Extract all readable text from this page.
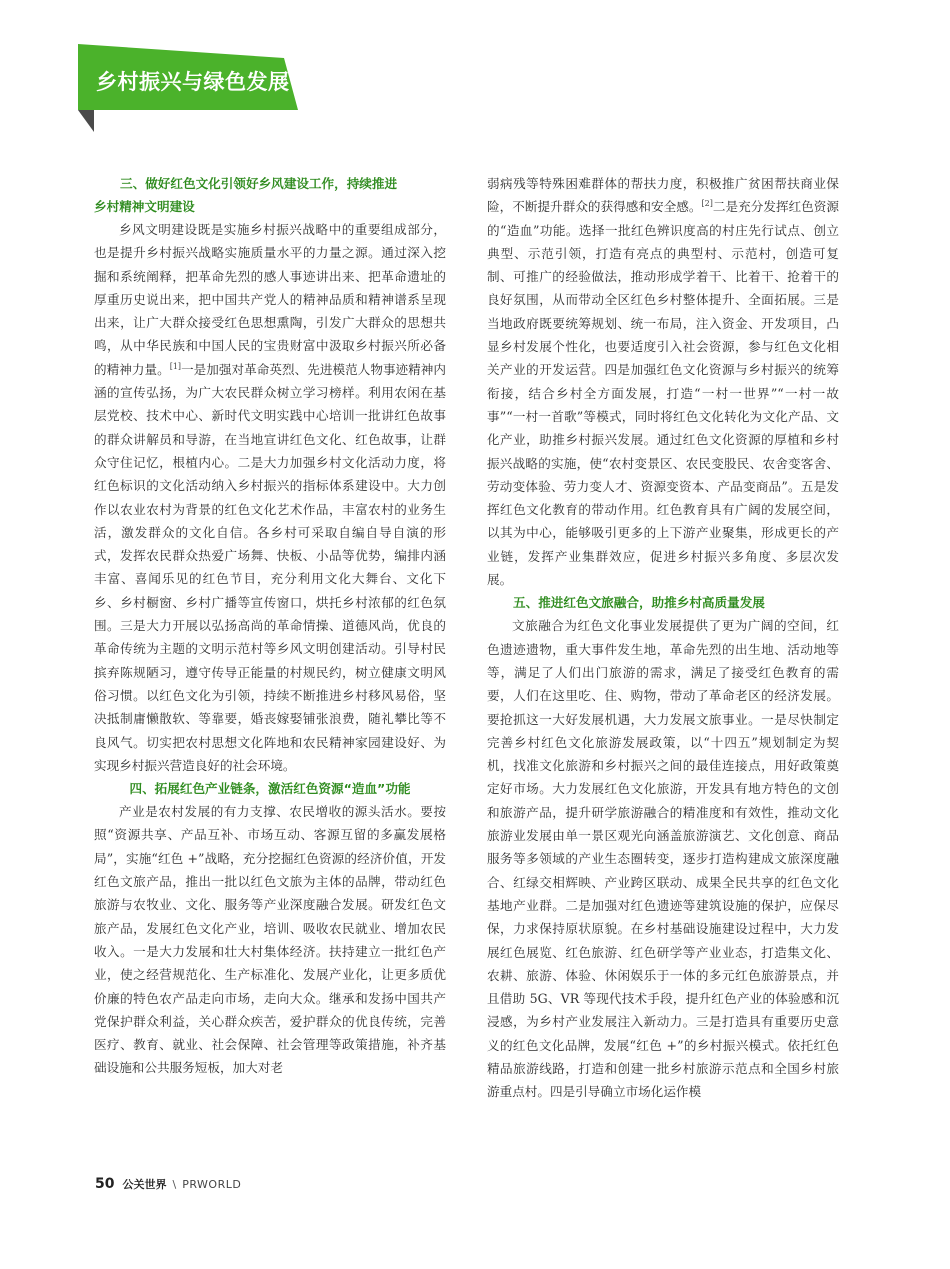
乡村振兴与绿色发展
三、做好红色文化引领好乡风建设工作，持续推进
乡村精神文明建设

乡风文明建设既是实施乡村振兴战略中的重要组成部分，也是提升乡村振兴战略实施质量水平的力量之源。通过深入挖掘和系统阐释，把革命先烈的感人事迹讲出来、把革命遗址的厚重历史说出来，把中国共产党人的精神品质和精神谱系呈现出来，让广大群众接受红色思想熏陶，引发广大群众的思想共鸣，从中华民族和中国人民的宝贵财富中汲取乡村振兴所必备的精神力量。[1]一是加强对革命英烈、先进模范人物事迹精神内涵的宣传弘扬，为广大农民群众树立学习榜样。利用农闲在基层党校、技术中心、新时代文明实践中心培训一批讲红色故事的群众讲解员和导游，在当地宣讲红色文化、红色故事，让群众守住记忆，根植内心。二是大力加强乡村文化活动力度，将红色标识的文化活动纳入乡村振兴的指标体系建设中。大力创作以农业农村为背景的红色文化艺术作品，丰富农村的业务生活，激发群众的文化自信。各乡村可采取自编自导自演的形式，发挥农民群众热爱广场舞、快板、小品等优势，编排内涵丰富、喜闻乐见的红色节目，充分利用文化大舞台、文化下乡、乡村橱窗、乡村广播等宣传窗口，烘托乡村浓郁的红色氛围。三是大力开展以弘扬高尚的革命情操、道德风尚，优良的革命传统为主题的文明示范村等乡风文明创建活动。引导村民摈弃陈规陋习，遵守传导正能量的村规民约，树立健康文明风俗习惯。以红色文化为引领，持续不断推进乡村移风易俗，坚决抵制庸懒散软、等靠要，婚丧嫁娶铺张浪费，随礼攀比等不良风气。切实把农村思想文化阵地和农民精神家园建设好、为实现乡村振兴营造良好的社会环境。

四、拓展红色产业链条，激活红色资源“造血”功能

产业是农村发展的有力支撑、农民增收的源头活水。要按照“资源共享、产品互补、市场互动、客源互留的多赢发展格局”，实施“红色 +”战略，充分挖掘红色资源的经济价值，开发红色文旅产品，推出一批以红色文旅为主体的品牌，带动红色旅游与农牧业、文化、服务等产业深度融合发展。研发红色文旅产品，发展红色文化产业，培训、吸收农民就业、增加农民收入。一是大力发展和壮大村集体经济。扶持建立一批红色产业，使之经营规范化、生产标准化、发展产业化，让更多质优价廉的特色农产品走向市场，走向大众。继承和发扬中国共产党保护群众利益，关心群众疾苦，爱护群众的优良传统，完善医疗、教育、就业、社会保障、社会管理等政策措施，补齐基础设施和公共服务短板，加大对老

弱病残等特殊困难群体的帮扶力度，积极推广贫困帮扶商业保险，不断提升群众的获得感和安全感。[2]二是充分发挥红色资源的“造血”功能。选择一批红色辨识度高的村庄先行试点、创立典型、示范引领，打造有亮点的典型村、示范村，创造可复制、可推广的经验做法，推动形成学着干、比着干、抢着干的良好氛围，从而带动全区红色乡村整体提升、全面拓展。三是当地政府既要统筹规划、统一布局，注入资金、开发项目，凸显乡村发展个性化，也要适度引入社会资源，参与红色文化相关产业的开发运营。四是加强红色文化资源与乡村振兴的统筹衔接，结合乡村全方面发展，打造“一村一世界”“一村一故事”“一村一首歌”等模式，同时将红色文化转化为文化产品、文化产业，助推乡村振兴发展。通过红色文化资源的厚植和乡村振兴战略的实施，使“农村变景区、农民变股民、农舍变客舍、劳动变体验、劳力变人才、资源变资本、产品变商品”。五是发挥红色文化教育的带动作用。红色教育具有广阔的发展空间，以其为中心，能够吸引更多的上下游产业聚集，形成更长的产业链，发挥产业集群效应，促进乡村振兴多角度、多层次发展。

五、推进红色文旅融合，助推乡村高质量发展

文旅融合为红色文化事业发展提供了更为广阔的空间，红色遗迹遗物，重大事件发生地，革命先烈的出生地、活动地等等，满足了人们出门旅游的需求，满足了接受红色教育的需要，人们在这里吃、住、购物，带动了革命老区的经济发展。要抢抓这一大好发展机遇，大力发展文旅事业。一是尽快制定完善乡村红色文化旅游发展政策，以“十四五”规划制定为契机，找准文化旅游和乡村振兴之间的最佳连接点，用好政策奠定好市场。大力发展红色文化旅游，开发具有地方特色的文创和旅游产品，提升研学旅游融合的精准度和有效性，推动文化旅游业发展由单一景区观光向涵盖旅游演艺、文化创意、商品服务等多领域的产业生态圈转变，逐步打造构建成文旅深度融合、红绿交相辉映、产业跨区联动、成果全民共享的红色文化基地产业群。二是加强对红色遗迹等建筑设施的保护，应保尽保，力求保持原状原貌。在乡村基础设施建设过程中，大力发展红色展览、红色旅游、红色研学等产业业态，打造集文化、农耕、旅游、体验、休闲娱乐于一体的多元红色旅游景点，并且借助 5G、VR 等现代技术手段，提升红色产业的体验感和沉浸感，为乡村产业发展注入新动力。三是打造具有重要历史意义的红色文化品牌，发展“红色 +”的乡村振兴模式。依托红色精品旅游线路，打造和创建一批乡村旅游示范点和全国乡村旅游重点村。四是引导确立市场化运作模

50 公关世界 \ PRWORLD
